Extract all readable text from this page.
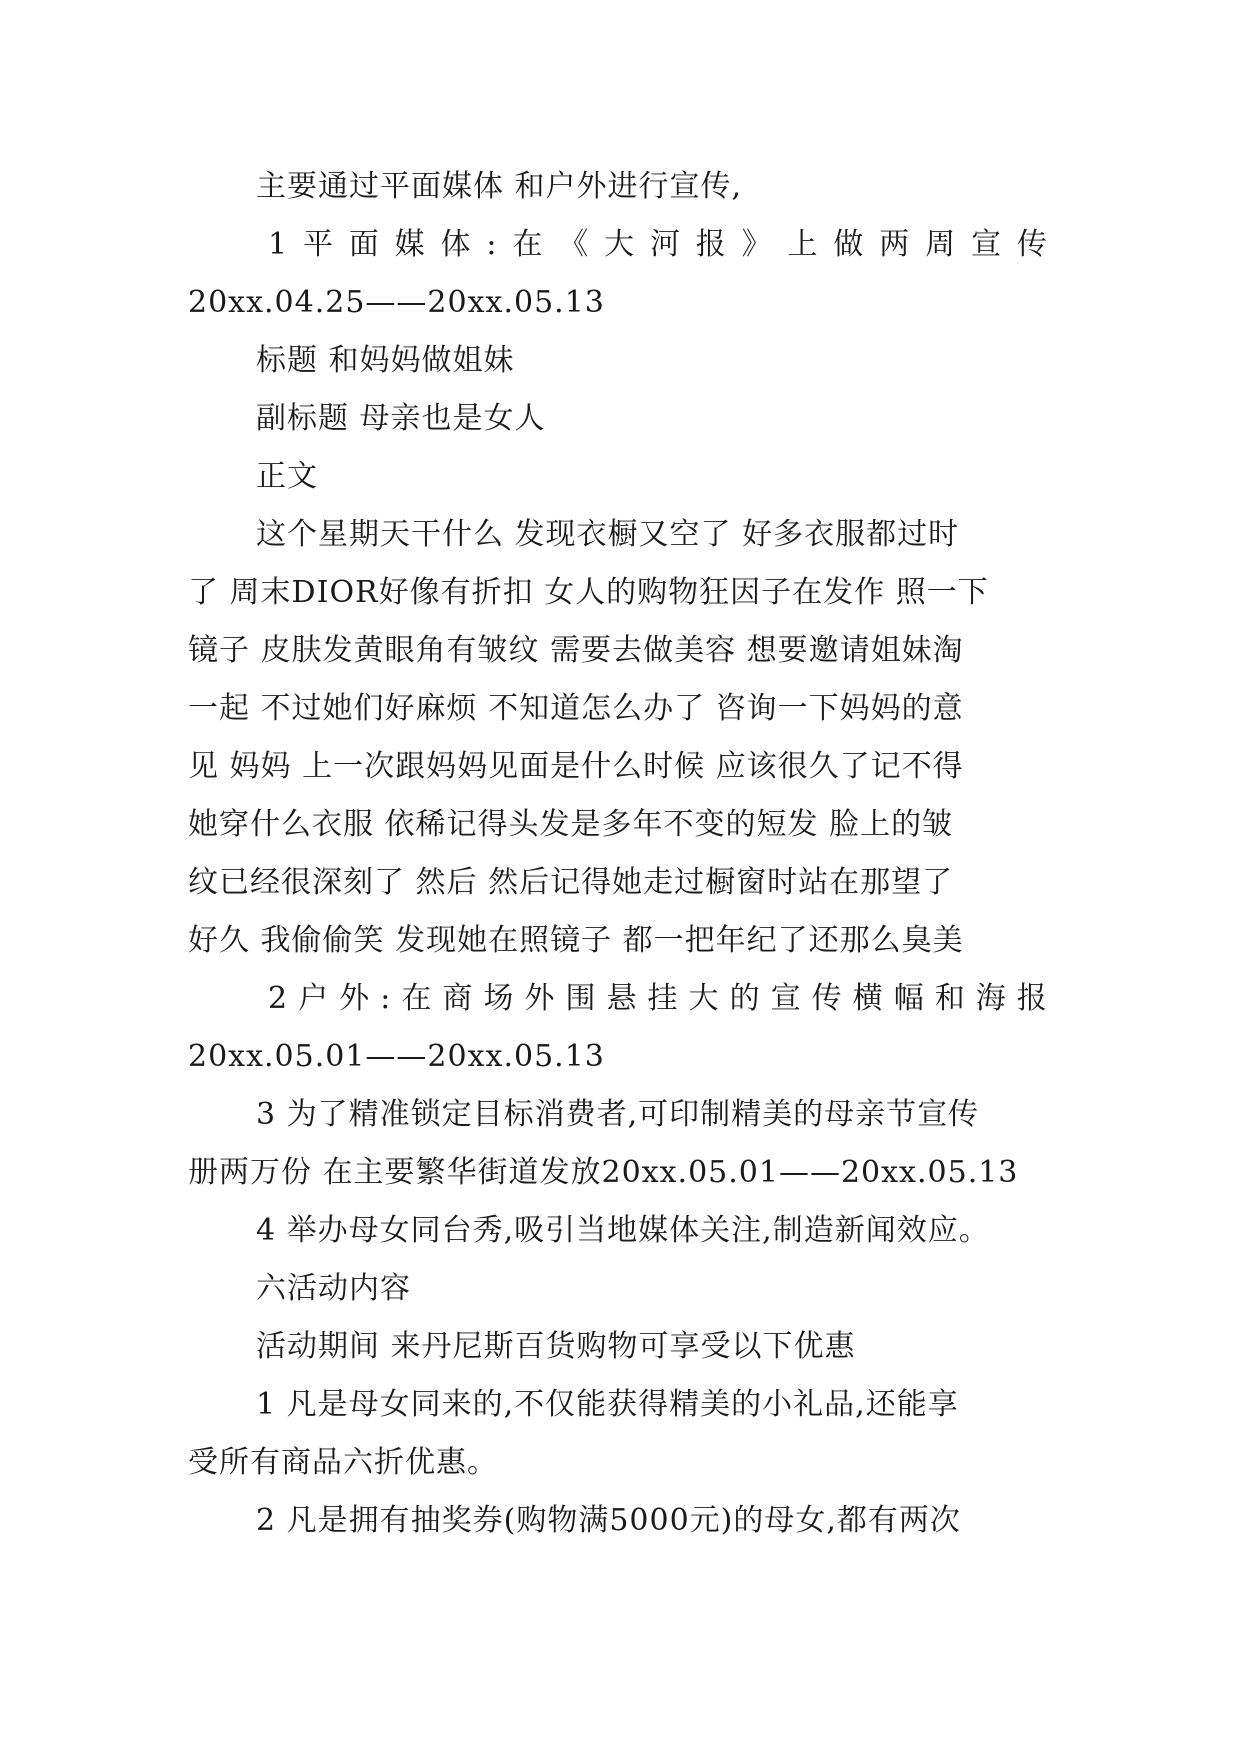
主要通过平面媒体 和户外进行宣传,

1 平 面 媒 体 : 在 《 大 河 报 》 上 做 两 周 宣 传

20xx.04.25——20xx.05.13

标题 和妈妈做姐妹

副标题 母亲也是女人

正文

这个星期天干什么 发现衣橱又空了 好多衣服都过时

了 周末DIOR好像有折扣 女人的购物狂因子在发作 照一下

镜子 皮肤发黄眼角有皱纹 需要去做美容 想要邀请姐妹淘

一起 不过她们好麻烦 不知道怎么办了 咨询一下妈妈的意

见 妈妈 上一次跟妈妈见面是什么时候 应该很久了记不得

她穿什么衣服 依稀记得头发是多年不变的短发 脸上的皱

纹已经很深刻了 然后 然后记得她走过橱窗时站在那望了

好久 我偷偷笑 发现她在照镜子 都一把年纪了还那么臭美

2 户 外 : 在 商 场 外 围 悬 挂 大 的 宣 传 横 幅 和 海 报

20xx.05.01——20xx.05.13

3 为了精准锁定目标消费者,可印制精美的母亲节宣传

册两万份 在主要繁华街道发放20xx.05.01——20xx.05.13

4 举办母女同台秀,吸引当地媒体关注,制造新闻效应。

六活动内容

活动期间 来丹尼斯百货购物可享受以下优惠

1 凡是母女同来的,不仅能获得精美的小礼品,还能享

受所有商品六折优惠。

2 凡是拥有抽奖券(购物满5000元)的母女,都有两次
